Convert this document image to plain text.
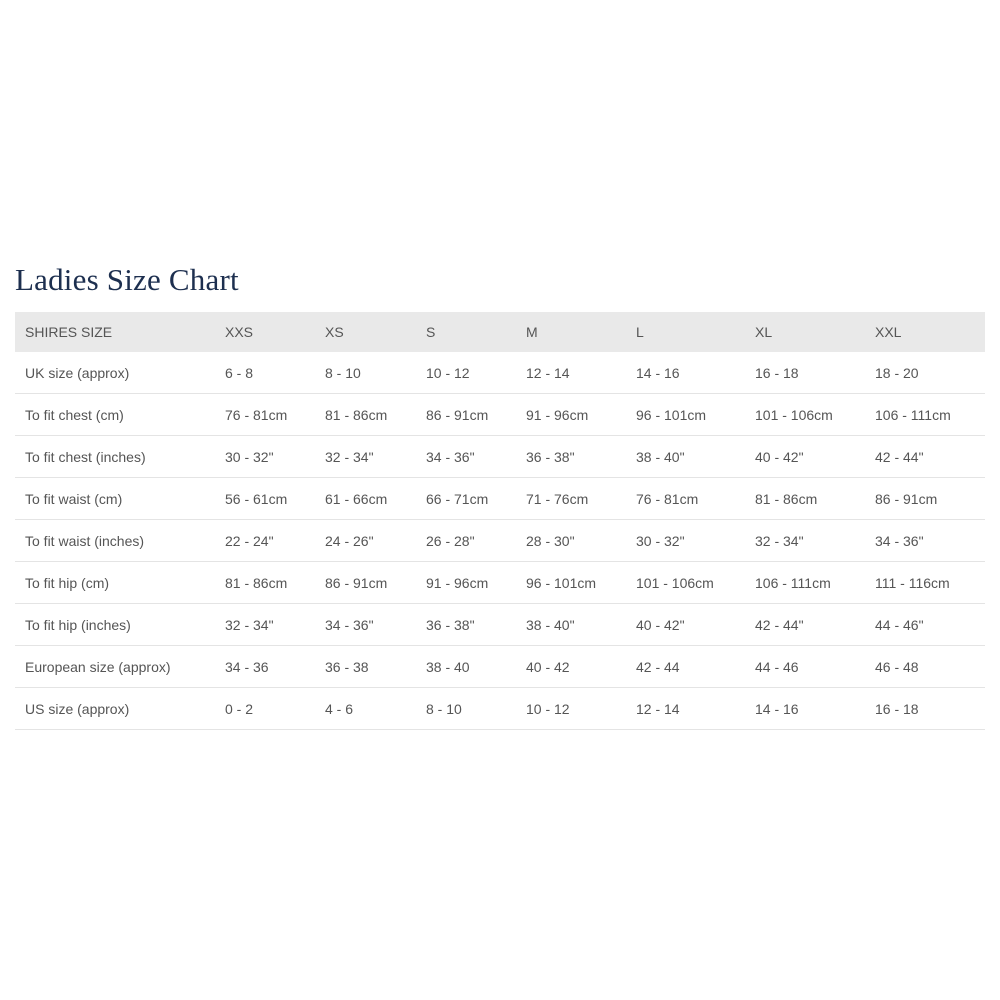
Ladies Size Chart
SHIRES SIZE	XXS	XS	S	M	L	XL	XXL
UK size (approx)	6 - 8	8 - 10	10 - 12	12 - 14	14 - 16	16 - 18	18 - 20
To fit chest (cm)	76 - 81cm	81 - 86cm	86 - 91cm	91 - 96cm	96 - 101cm	101 - 106cm	106 - 111cm
To fit chest (inches)	30 - 32"	32 - 34"	34 - 36"	36 - 38"	38 - 40"	40 - 42"	42 - 44"
To fit waist (cm)	56 - 61cm	61 - 66cm	66 - 71cm	71 - 76cm	76 - 81cm	81 - 86cm	86 - 91cm
To fit waist (inches)	22 - 24"	24 - 26"	26 - 28"	28 - 30"	30 - 32"	32 - 34"	34 - 36"
To fit hip (cm)	81 - 86cm	86 - 91cm	91 - 96cm	96 - 101cm	101 - 106cm	106 - 111cm	111 - 116cm
To fit hip (inches)	32 - 34"	34 - 36"	36 - 38"	38 - 40"	40 - 42"	42 - 44"	44 - 46"
European size (approx)	34 - 36	36 - 38	38 - 40	40 - 42	42 - 44	44 - 46	46 - 48
US size (approx)	0 - 2	4 - 6	8 - 10	10 - 12	12 - 14	14 - 16	16 - 18
